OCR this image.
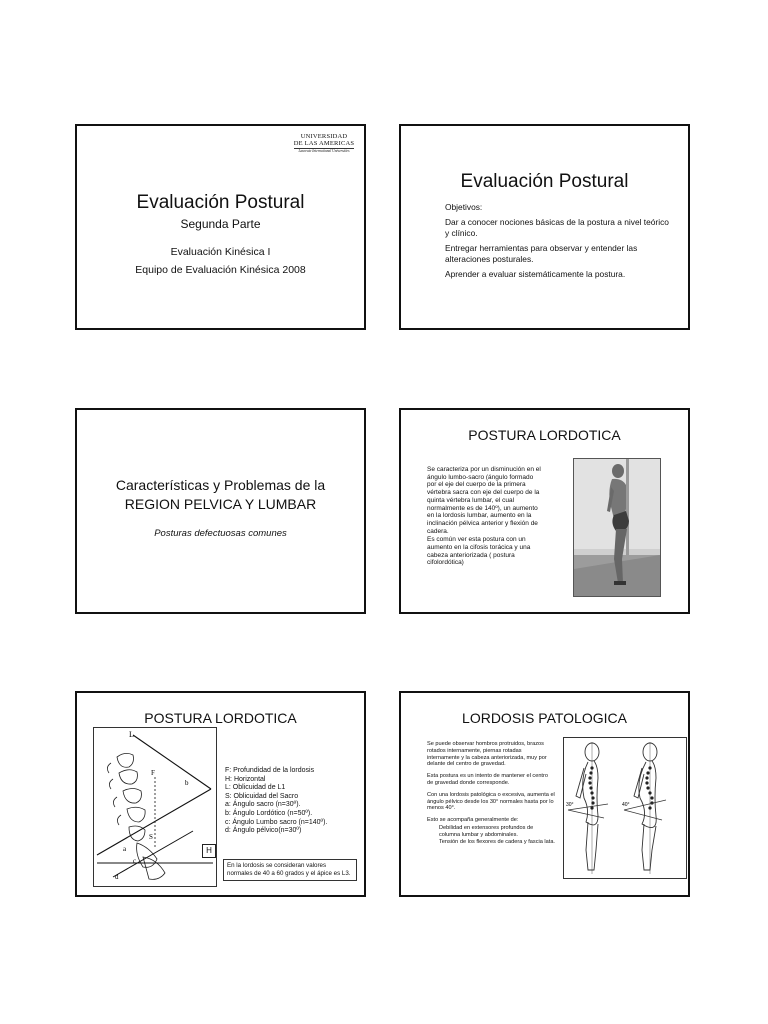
UNIVERSIDAD
DE LAS AMERICAS
Laureate International Universities
Evaluación Postural
Segunda Parte
Evaluación Kinésica I
Equipo de Evaluación Kinésica 2008
Evaluación Postural

Objetivos:

Dar a conocer nociones básicas de la postura a nivel teórico y clínico.

Entregar herramientas para observar y entender las alteraciones posturales.

Aprender a evaluar sistemáticamente la postura.

Características y Problemas de la REGION PELVICA Y LUMBAR
Posturas defectuosas comunes
POSTURA LORDOTICA

Se caracteriza por un disminución en el ángulo lumbo-sacro (ángulo formado por el eje del cuerpo de la primera vértebra sacra con eje del cuerpo de la quinta vértebra lumbar, el cual normalmente es de 140º), un aumento en la lordosis lumbar, aumento en la inclinación pélvica anterior y flexión de cadera.

Es común ver esta postura con un aumento en la cifosis torácica y una cabeza anteriorizada ( postura cifolordótica)

POSTURA LORDOTICA
L
b
F
S
a
c
d
H
F: Profundidad de la lordosis
H: Horizontal
L: Oblicuidad de L1
S: Oblicuidad del Sacro
a: Ángulo sacro (n=30º).
b: Ángulo Lordótico (n=50º).
c: Ángulo Lumbo sacro (n=140º).
d: Ángulo pélvico(n=30º)
En la lordosis se consideran valores normales de 40 a 60 grados y el ápice es L3.
LORDOSIS PATOLOGICA

Se puede observar hombros protruidos, brazos rotados internamente, piernas rotadas internamente y la cabeza anteriorizada, muy por delante del centro de gravedad.

Esta postura es un intento de mantener el centro de gravedad donde corresponde.

Con una lordosis patológica o excesiva, aumenta el ángulo pélvico desde los 30° normales hasta por lo menos 40°.

Esto se acompaña generalmente de:

Debilidad en extensores profundos de columna lumbar y abdominales.
Tensión de los flexores de cadera y fascia lata.
30°	40°
